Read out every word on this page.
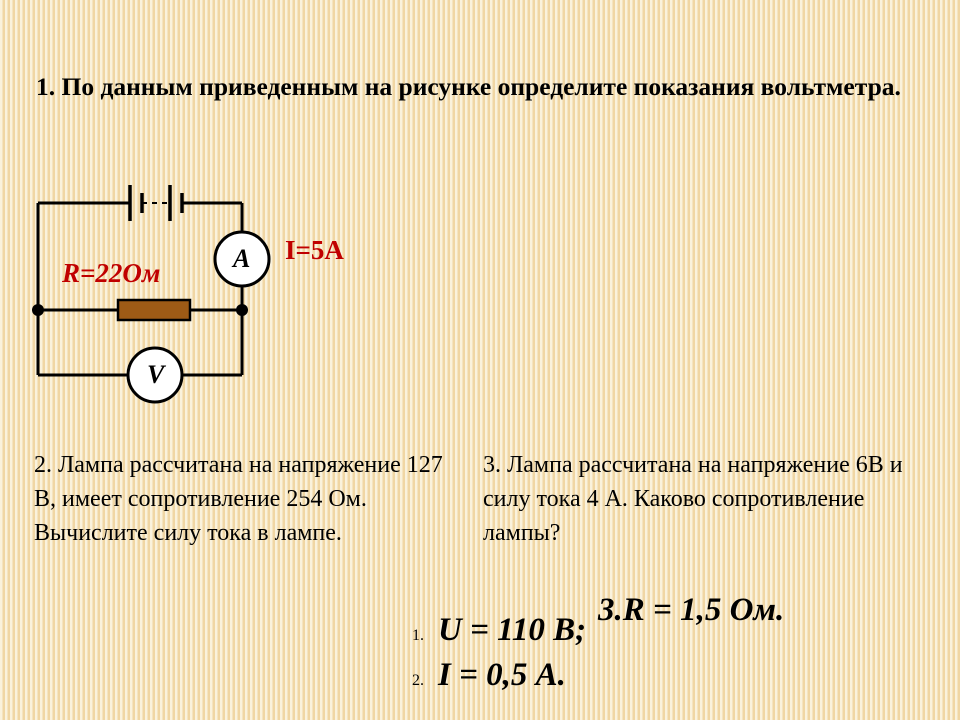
1. По данным приведенным на рисунке определите показания вольтметра.
A
V
R=22Ом
I=5A
2. Лампа рассчитана на напряжение 127 В, имеет сопротивление 254 Ом. Вычислите силу тока в лампе.
3. Лампа рассчитана на напряжение 6В и силу тока 4 А. Каково сопротивление лампы?
3.R = 1,5 Ом.
1. U = 110 В;
2. I = 0,5 А.
